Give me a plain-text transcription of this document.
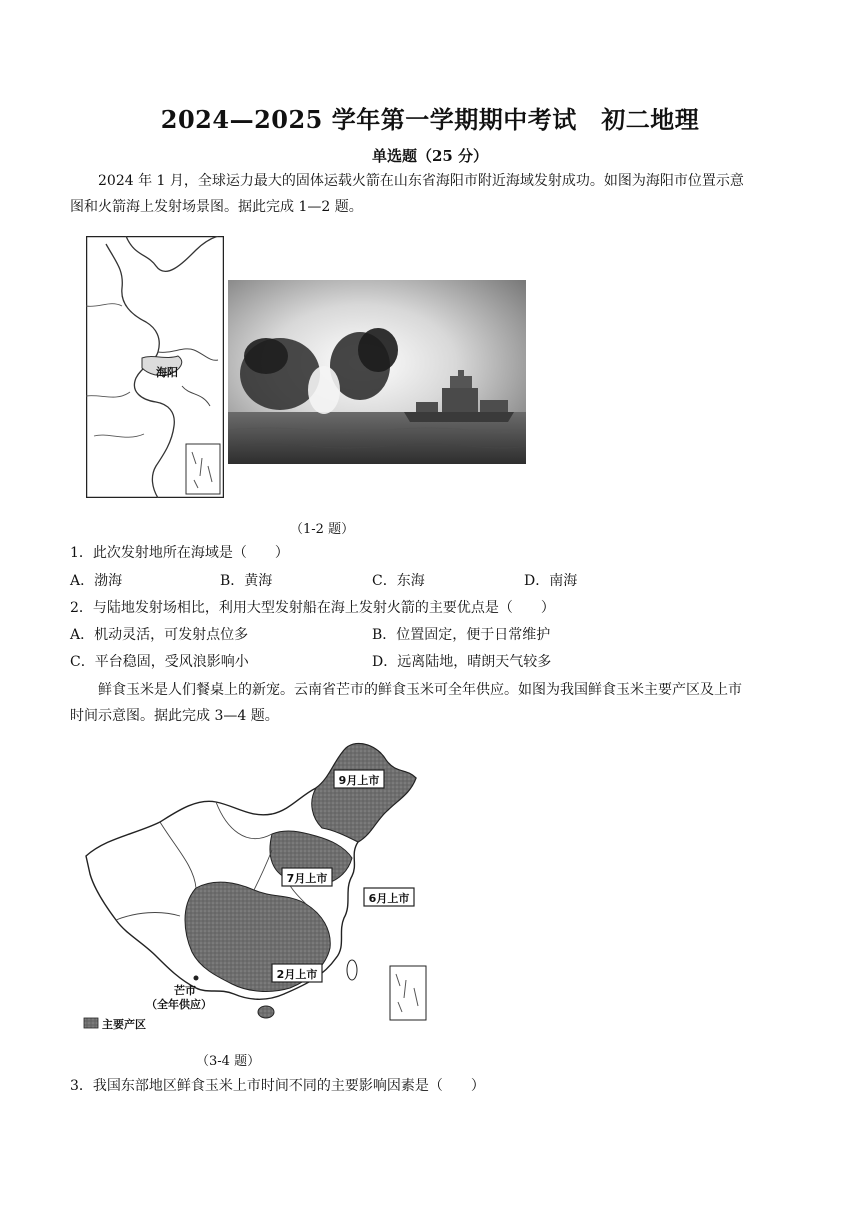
2024—2025 学年第一学期期中考试　初二地理
单选题（25 分）
2024 年 1 月，全球运力最大的固体运载火箭在山东省海阳市附近海域发射成功。如图为海阳市位置示意
图和火箭海上发射场景图。据此完成 1—2 题。
海阳
（1-2 题）
1．此次发射地所在海域是（　　）
A．渤海	B．黄海	C．东海	D．南海
2．与陆地发射场相比，利用大型发射船在海上发射火箭的主要优点是（　　）
A．机动灵活，可发射点位多	B．位置固定，便于日常维护
C．平台稳固，受风浪影响小	D．远离陆地，晴朗天气较多
鲜食玉米是人们餐桌上的新宠。云南省芒市的鲜食玉米可全年供应。如图为我国鲜食玉米主要产区及上市
时间示意图。据此完成 3—4 题。
9月上市
7月上市
6月上市
2月上市
芒市
（全年供应）
主要产区
（3-4 题）
3．我国东部地区鲜食玉米上市时间不同的主要影响因素是（　　）
